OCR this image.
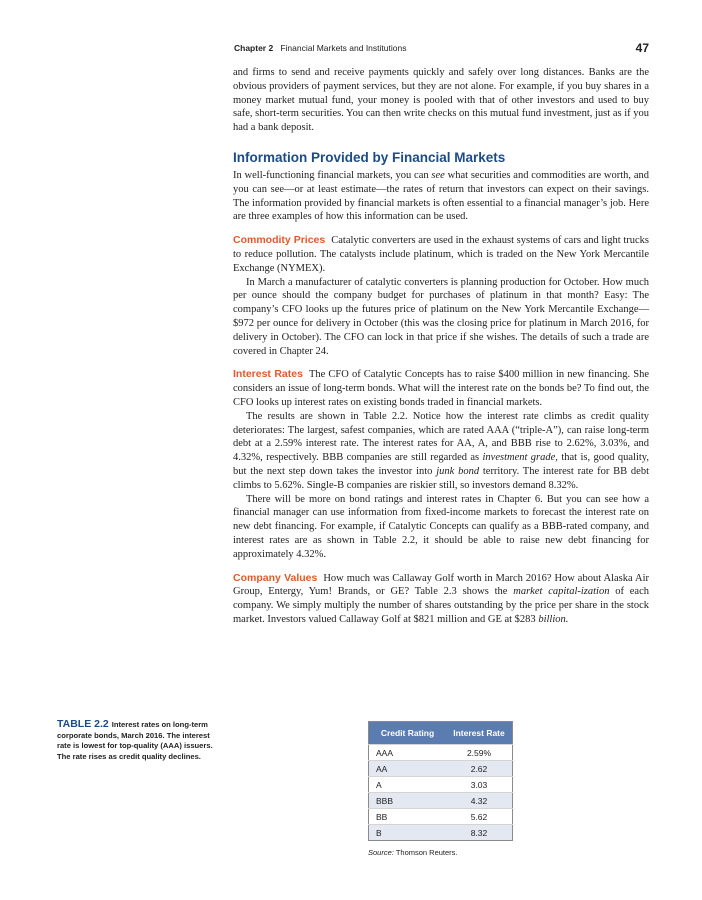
Chapter 2 Financial Markets and Institutions	47

and firms to send and receive payments quickly and safely over long distances. Banks are the obvious providers of payment services, but they are not alone. For example, if you buy shares in a money market mutual fund, your money is pooled with that of other investors and used to buy safe, short-term securities. You can then write checks on this mutual fund investment, just as if you had a bank deposit.

Information Provided by Financial Markets

In well-functioning financial markets, you can see what securities and commodities are worth, and you can see—or at least estimate—the rates of return that investors can expect on their savings. The information provided by financial markets is often essential to a financial manager’s job. Here are three examples of how this information can be used.

Commodity Prices Catalytic converters are used in the exhaust systems of cars and light trucks to reduce pollution. The catalysts include platinum, which is traded on the New York Mercantile Exchange (NYMEX).

In March a manufacturer of catalytic converters is planning production for October. How much per ounce should the company budget for purchases of platinum in that month? Easy: The company’s CFO looks up the futures price of platinum on the New York Mercantile Exchange—$972 per ounce for delivery in October (this was the closing price for platinum in March 2016, for delivery in October). The CFO can lock in that price if she wishes. The details of such a trade are covered in Chapter 24.

Interest Rates The CFO of Catalytic Concepts has to raise $400 million in new financing. She considers an issue of long-term bonds. What will the interest rate on the bonds be? To find out, the CFO looks up interest rates on existing bonds traded in financial markets.

The results are shown in Table 2.2. Notice how the interest rate climbs as credit quality deteriorates: The largest, safest companies, which are rated AAA (“triple-A”), can raise long-term debt at a 2.59% interest rate. The interest rates for AA, A, and BBB rise to 2.62%, 3.03%, and 4.32%, respectively. BBB companies are still regarded as investment grade, that is, good quality, but the next step down takes the investor into junk bond territory. The interest rate for BB debt climbs to 5.62%. Single-B companies are riskier still, so investors demand 8.32%.

There will be more on bond ratings and interest rates in Chapter 6. But you can see how a financial manager can use information from fixed-income markets to forecast the interest rate on new debt financing. For example, if Catalytic Concepts can qualify as a BBB-rated company, and interest rates are as shown in Table 2.2, it should be able to raise new debt financing for approximately 4.32%.

Company Values How much was Callaway Golf worth in March 2016? How about Alaska Air Group, Entergy, Yum! Brands, or GE? Table 2.3 shows the market capital-ization of each company. We simply multiply the number of shares outstanding by the price per share in the stock market. Investors valued Callaway Golf at $821 million and GE at $283 billion.

TABLE 2.2 Interest rates on long-term corporate bonds, March 2016. The interest rate is lowest for top-quality (AAA) issuers. The rate rises as credit quality declines.
Credit Rating	Interest Rate
AAA	2.59%
AA	2.62
A	3.03
BBB	4.32
BB	5.62
B	8.32
Source: Thomson Reuters.
